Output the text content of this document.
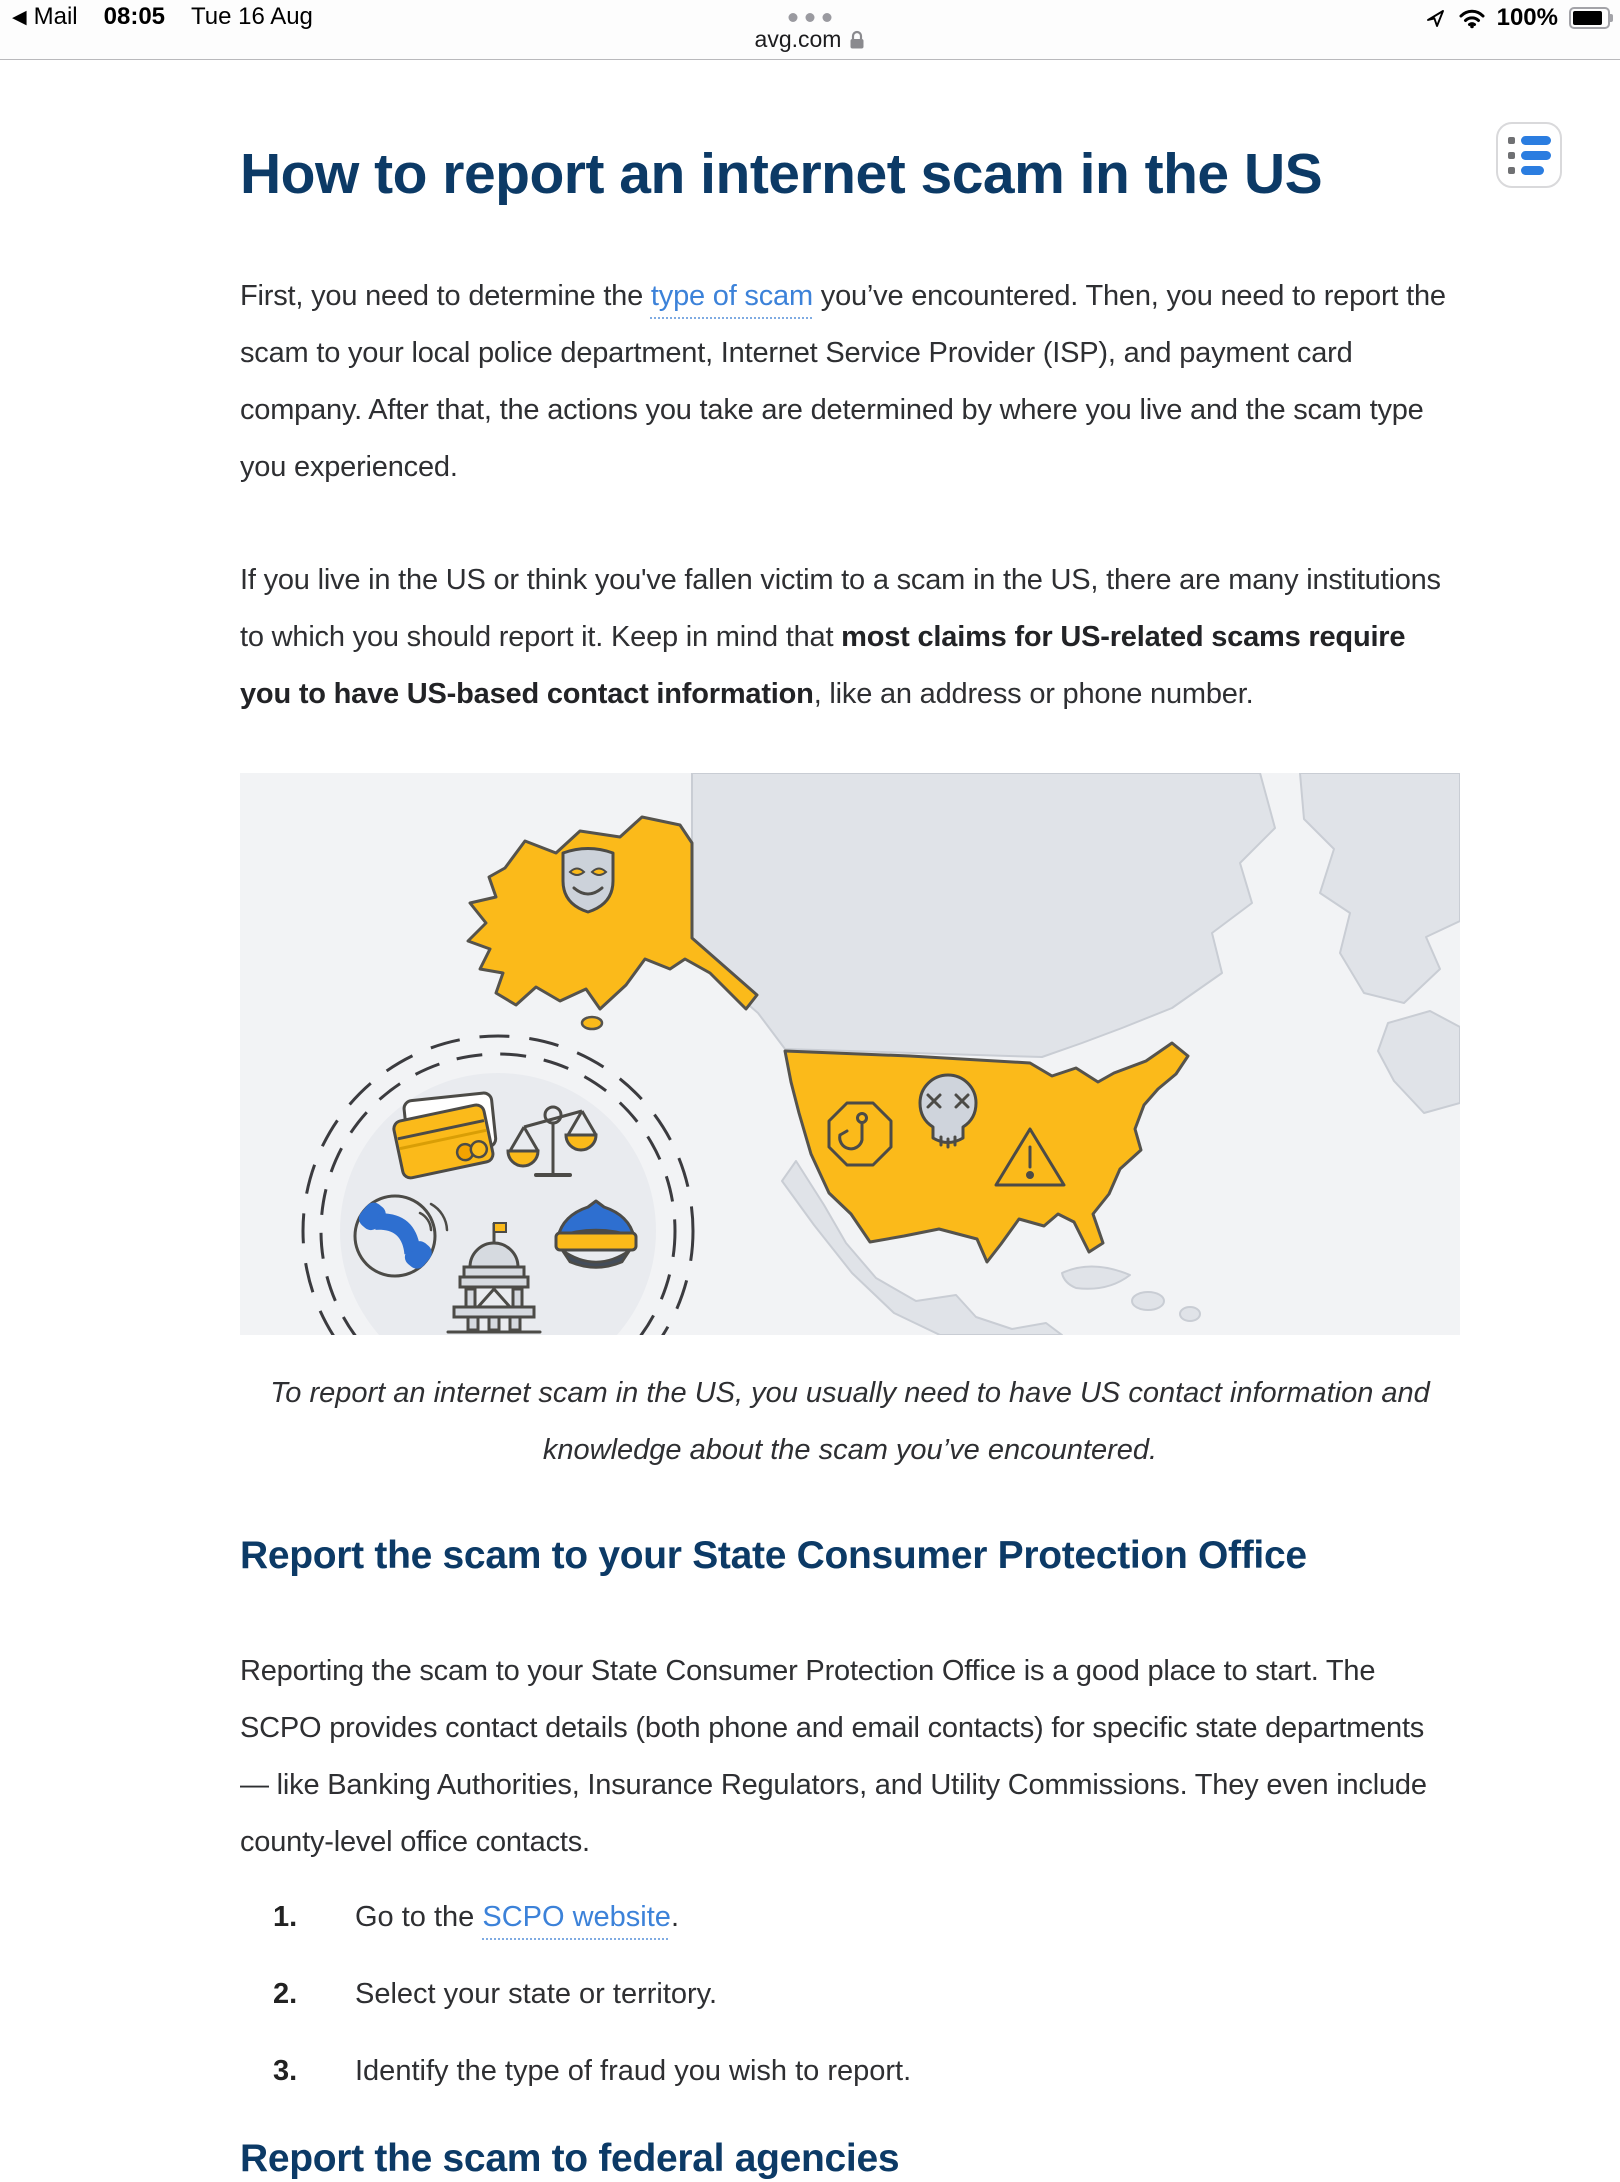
◀ Mail 08:05 Tue 16 Aug	100%
avg.com
How to report an internet scam in the US

First, you need to determine the type of scam you’ve encountered. Then, you need to report the scam to your local police department, Internet Service Provider (ISP), and payment card company. After that, the actions you take are determined by where you live and the scam type you experienced.

If you live in the US or think you've fallen victim to a scam in the US, there are many institutions to which you should report it. Keep in mind that most claims for US-related scams require you to have US-based contact information, like an address or phone number.

To report an internet scam in the US, you usually need to have US contact information and knowledge about the scam you’ve encountered.
Report the scam to your State Consumer Protection Office

Reporting the scam to your State Consumer Protection Office is a good place to start. The SCPO provides contact details (both phone and email contacts) for specific state departments — like Banking Authorities, Insurance Regulators, and Utility Commissions. They even include county-level office contacts.

1.	Go to the SCPO website.
2.	Select your state or territory.
3.	Identify the type of fraud you wish to report.
Report the scam to federal agencies
